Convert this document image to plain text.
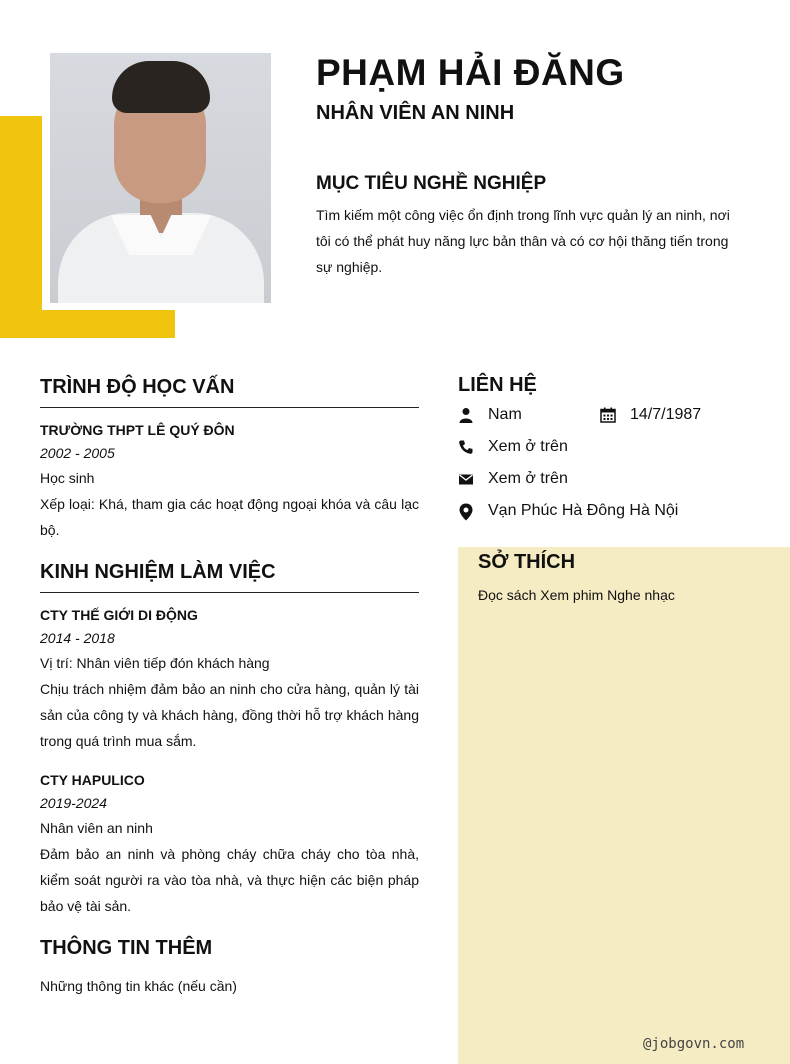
PHẠM HẢI ĐĂNG
NHÂN VIÊN AN NINH
MỤC TIÊU NGHỀ NGHIỆP

Tìm kiếm một công việc ổn định trong lĩnh vực quản lý an ninh, nơi tôi có thể phát huy năng lực bản thân và có cơ hội thăng tiến trong sự nghiệp.

TRÌNH ĐỘ HỌC VẤN
TRƯỜNG THPT LÊ QUÝ ĐÔN
2002 - 2005
Học sinh
Xếp loại: Khá, tham gia các hoạt động ngoại khóa và câu lạc bộ.
KINH NGHIỆM LÀM VIỆC
CTY THẾ GIỚI DI ĐỘNG
2014 - 2018
Vị trí: Nhân viên tiếp đón khách hàng
Chịu trách nhiệm đảm bảo an ninh cho cửa hàng, quản lý tài sản của công ty và khách hàng, đồng thời hỗ trợ khách hàng trong quá trình mua sắm.
CTY HAPULICO
2019-2024
Nhân viên an ninh
Đảm bảo an ninh và phòng cháy chữa cháy cho tòa nhà, kiểm soát người ra vào tòa nhà, và thực hiện các biện pháp bảo vệ tài sản.
THÔNG TIN THÊM
Những thông tin khác (nếu cần)
LIÊN HỆ
Nam	14/7/1987
Xem ở trên
Xem ở trên
Vạn Phúc Hà Đông Hà Nội
SỞ THÍCH
Đọc sách Xem phim Nghe nhạc
@jobgovn.com
